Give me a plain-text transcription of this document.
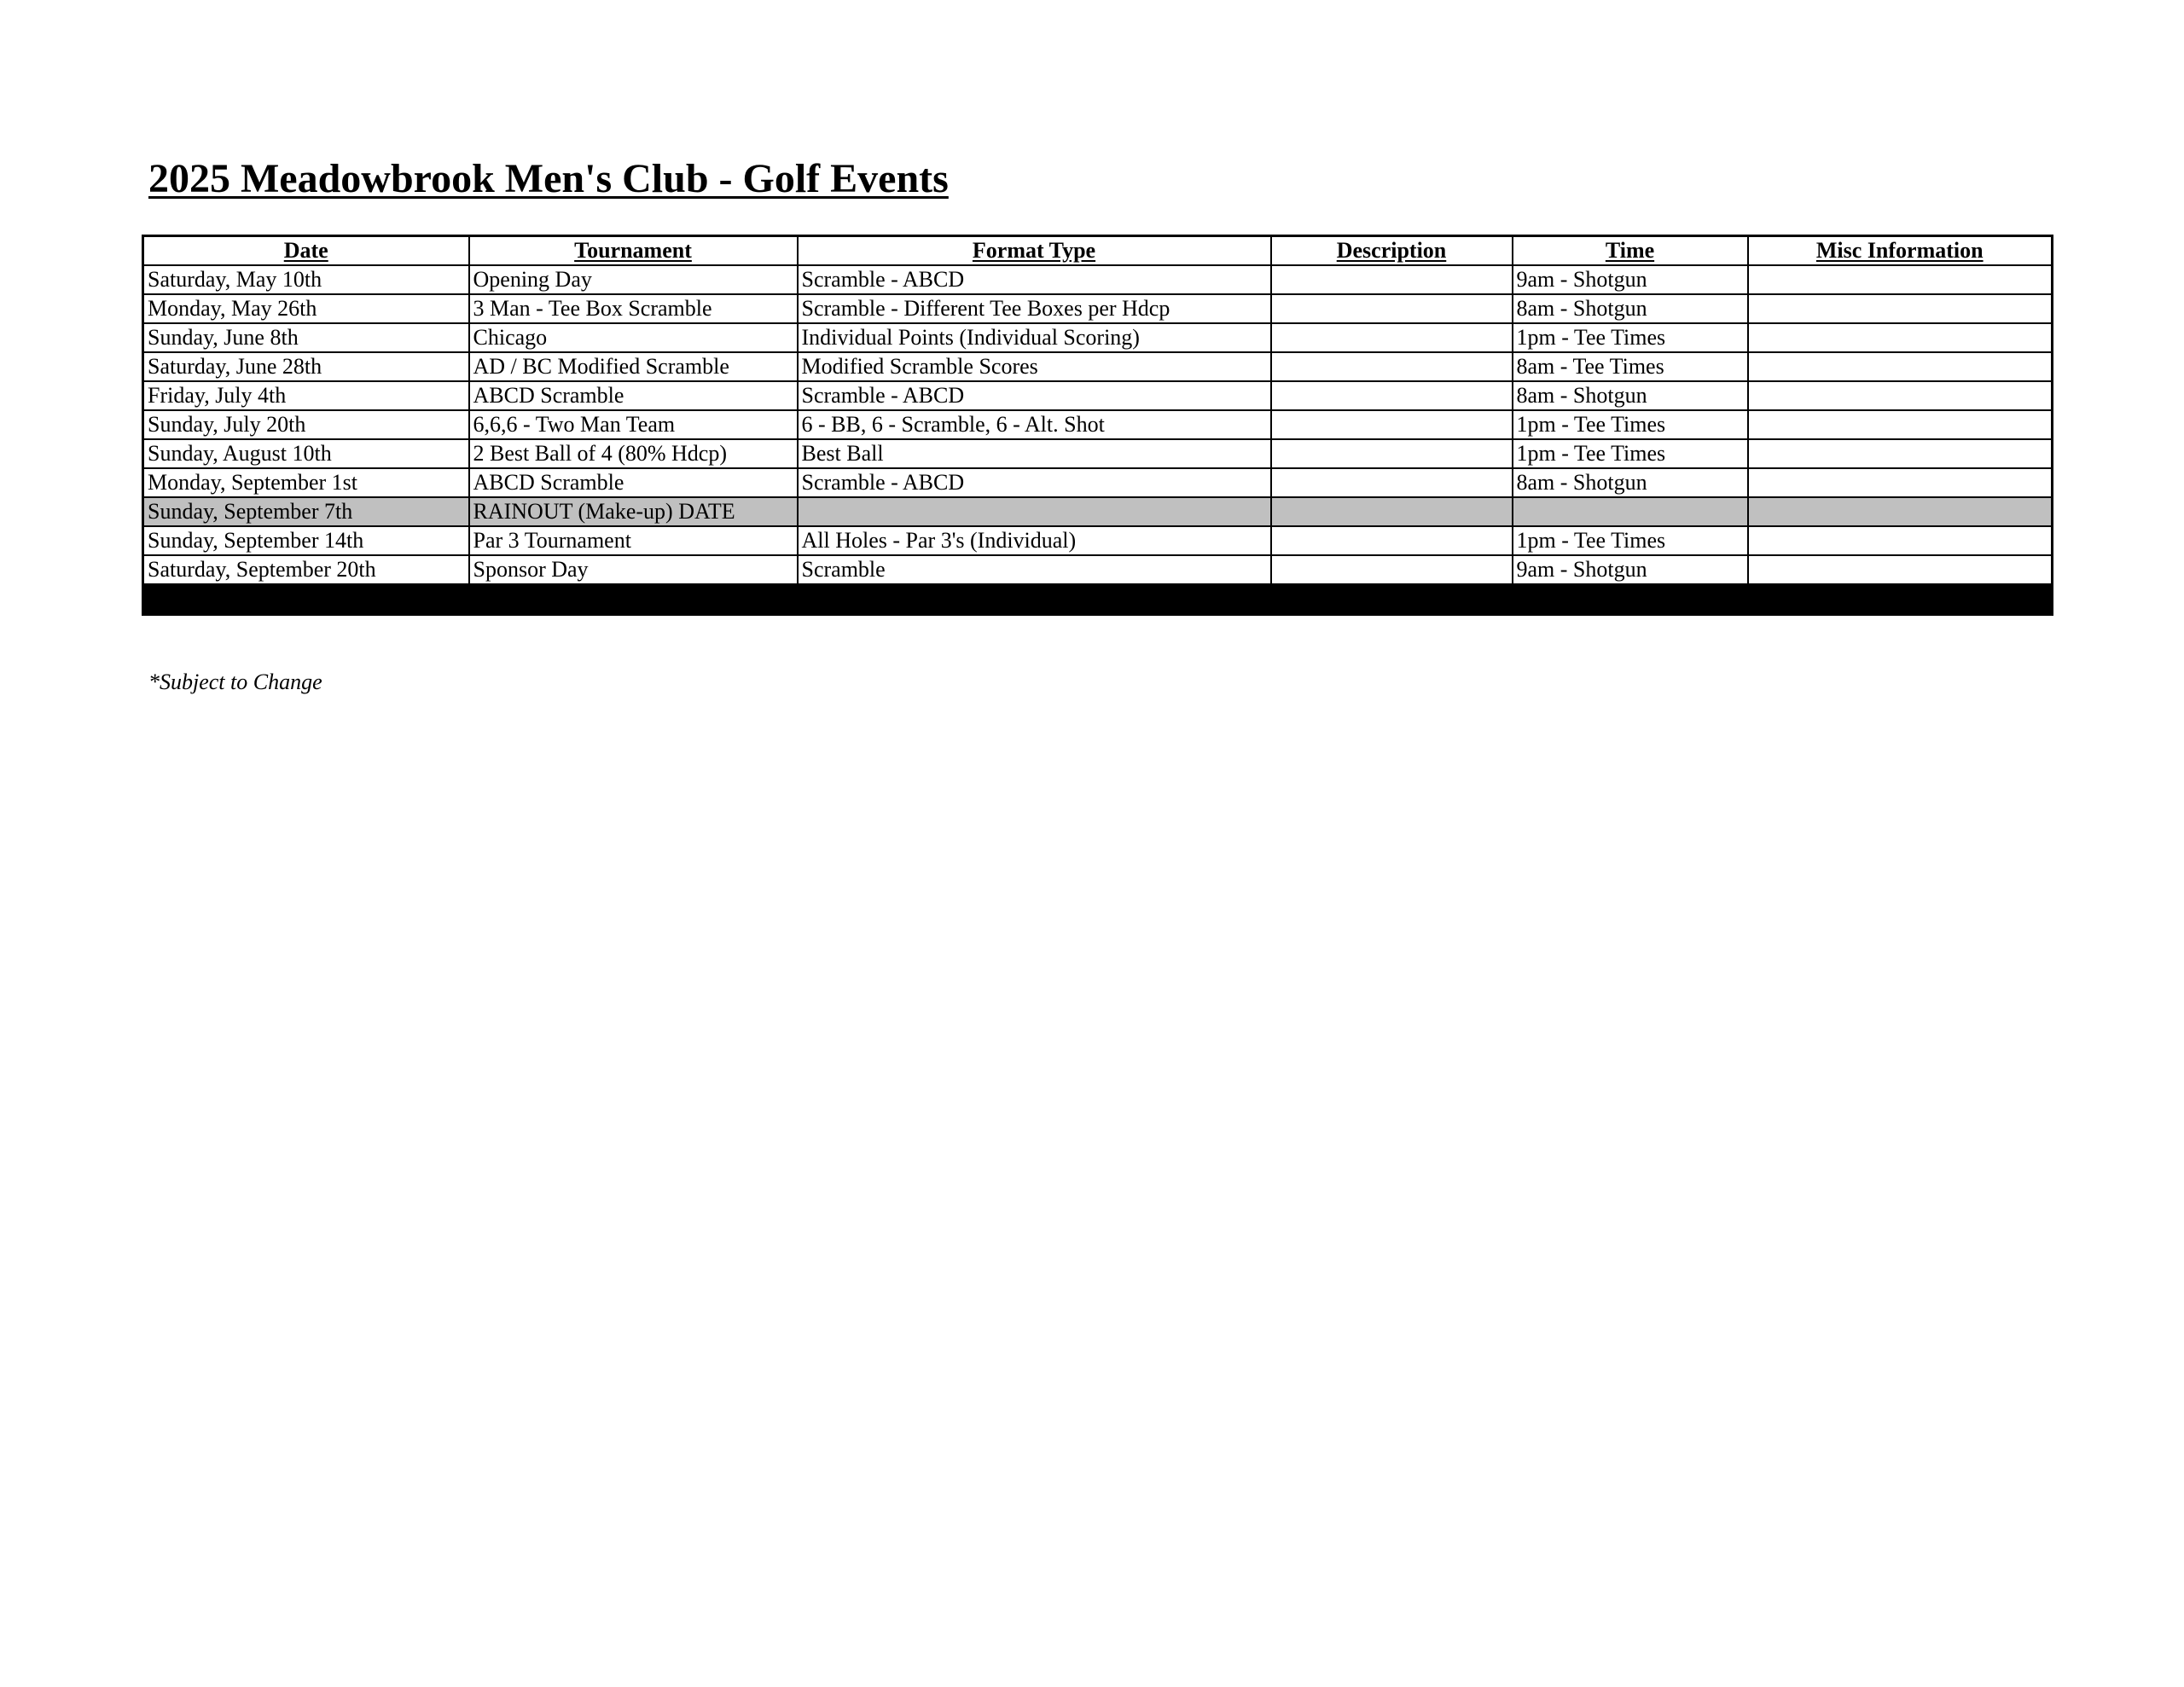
2025 Meadowbrook Men's Club - Golf Events
Date	Tournament	Format Type	Description	Time	Misc Information
Saturday, May 10th	Opening Day	Scramble - ABCD		9am - Shotgun	
Monday, May 26th	3 Man - Tee Box Scramble	Scramble - Different Tee Boxes per Hdcp		8am - Shotgun	
Sunday, June 8th	Chicago	Individual Points (Individual Scoring)		1pm - Tee Times	
Saturday, June 28th	AD / BC Modified Scramble	Modified Scramble Scores		8am - Tee Times	
Friday, July 4th	ABCD Scramble	Scramble - ABCD		8am - Shotgun	
Sunday, July 20th	6,6,6 - Two Man Team	6 - BB, 6 - Scramble, 6 - Alt. Shot		1pm - Tee Times	
Sunday, August 10th	2 Best Ball of 4 (80% Hdcp)	Best Ball		1pm - Tee Times	
Monday, September 1st	ABCD Scramble	Scramble - ABCD		8am - Shotgun	
Sunday, September 7th	RAINOUT (Make-up) DATE				
Sunday, September 14th	Par 3 Tournament	All Holes - Par 3's (Individual)		1pm - Tee Times	
Saturday, September 20th	Sponsor Day	Scramble		9am - Shotgun	

*Subject to Change
